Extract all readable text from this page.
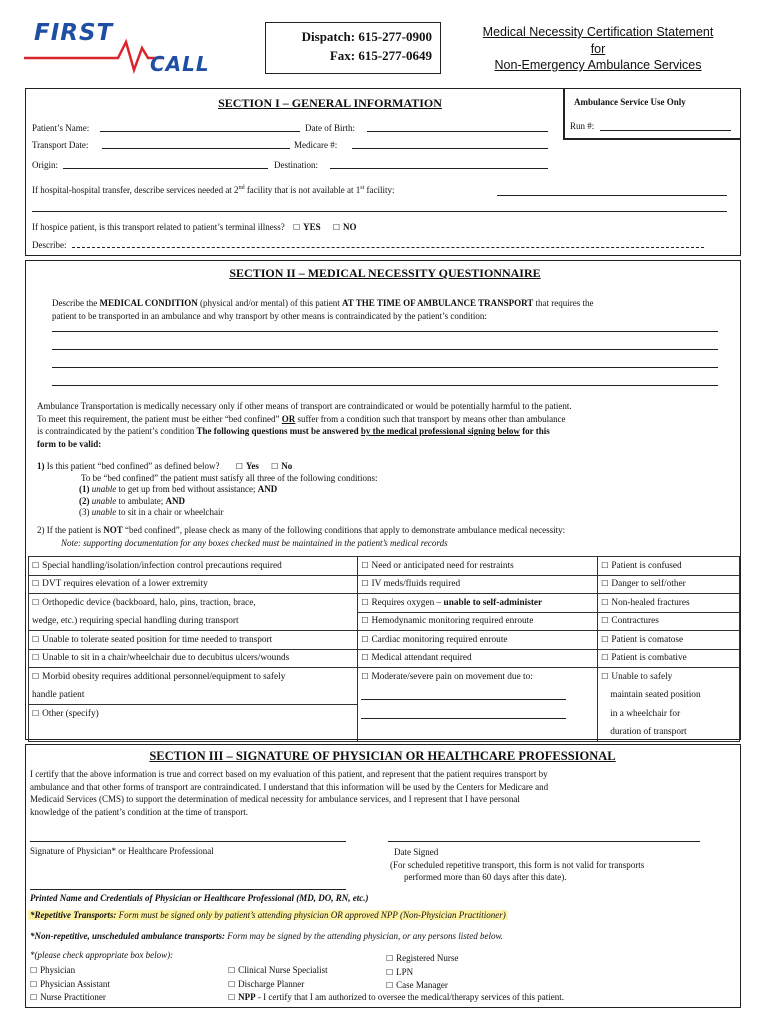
FIRST
CALL
Dispatch: 615-277-0900
Fax: 615-277-0649
Medical Necessity Certification Statement
for
Non-Emergency Ambulance Services
SECTION I – GENERAL INFORMATION	Ambulance Service Use Only
Run #:
Patient’s Name:	Date of Birth:
Transport Date:	Medicare #:
Origin:	Destination:
If hospital-hospital transfer, describe services needed at 2nd facility that is not available at 1st facility:
If hospice patient, is this transport related to patient’s terminal illness? ☐ YES ☐ NO
Describe:
SECTION II – MEDICAL NECESSITY QUESTIONNAIRE
Describe the MEDICAL CONDITION (physical and/or mental) of this patient AT THE TIME OF AMBULANCE TRANSPORT that requires the
patient to be transported in an ambulance and why transport by other means is contraindicated by the patient’s condition:
Ambulance Transportation is medically necessary only if other means of transport are contraindicated or would be potentially harmful to the patient.
To meet this requirement, the patient must be either “bed confined” OR suffer from a condition such that transport by means other than ambulance
is contraindicated by the patient’s condition The following questions must be answered by the medical professional signing below for this
form to be valid:
1) Is this patient “bed confined” as defined below? ☐ Yes ☐ No
To be “bed confined” the patient must satisfy all three of the following conditions:
(1) unable to get up from bed without assistance; AND
(2) unable to ambulate; AND
(3) unable to sit in a chair or wheelchair
2) If the patient is NOT “bed confined”, please check as many of the following conditions that apply to demonstrate ambulance medical necessity:
Note: supporting documentation for any boxes checked must be maintained in the patient’s medical records
☐ Special handling/isolation/infection control precautions required	☐ Need or anticipated need for restraints	☐ Patient is confused
☐ DVT requires elevation of a lower extremity	☐ IV meds/fluids required	☐ Danger to self/other
☐ Orthopedic device (backboard, halo, pins, traction, brace,	☐ Requires oxygen – unable to self-administer	☐ Non-healed fractures
wedge, etc.) requiring special handling during transport	☐ Hemodynamic monitoring required enroute	☐ Contractures
☐ Unable to tolerate seated position for time needed to transport	☐ Cardiac monitoring required enroute	☐ Patient is comatose
☐ Unable to sit in a chair/wheelchair due to decubitus ulcers/wounds	☐ Medical attendant required	☐ Patient is combative
☐ Morbid obesity requires additional personnel/equipment to safely	☐ Moderate/severe pain on movement due to:	☐ Unable to safely
handle patient		maintain seated position
☐ Other (specify)		in a wheelchair for
		duration of transport
SECTION III – SIGNATURE OF PHYSICIAN OR HEALTHCARE PROFESSIONAL
I certify that the above information is true and correct based on my evaluation of this patient, and represent that the patient requires transport by
ambulance and that other forms of transport are contraindicated. I understand that this information will be used by the Centers for Medicare and
Medicaid Services (CMS) to support the determination of medical necessity for ambulance services, and I represent that I have personal
knowledge of the patient’s condition at the time of transport.
Signature of Physician* or Healthcare Professional	Date Signed
(For scheduled repetitive transport, this form is not valid for transports
performed more than 60 days after this date).
Printed Name and Credentials of Physician or Healthcare Professional (MD, DO, RN, etc.)
*Repetitive Transports: Form must be signed only by patient’s attending physician OR approved NPP (Non-Physician Practitioner)
*Non-repetitive, unscheduled ambulance transports: Form may be signed by the attending physician, or any persons listed below.
*(please check appropriate box below):
☐ Physician
☐ Physician Assistant
☐ Nurse Practitioner
☐ Clinical Nurse Specialist
☐ Discharge Planner
☐ NPP - I certify that I am authorized to oversee the medical/therapy services of this patient.
☐ Registered Nurse
☐ LPN
☐ Case Manager
